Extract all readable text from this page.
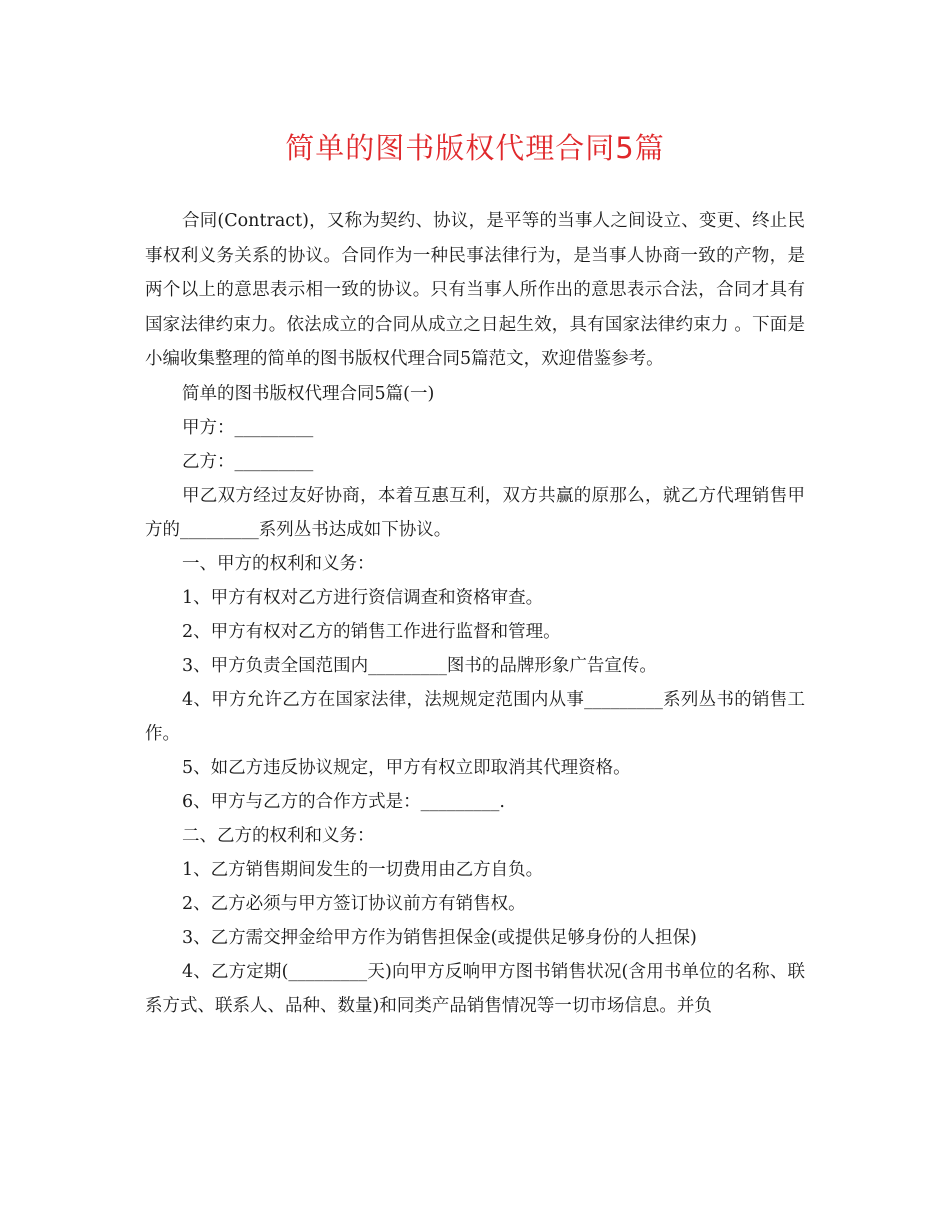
简单的图书版权代理合同5篇

合同(Contract)，又称为契约、协议，是平等的当事人之间设立、变更、终止民事权利义务关系的协议。合同作为一种民事法律行为，是当事人协商一致的产物，是两个以上的意思表示相一致的协议。只有当事人所作出的意思表示合法，合同才具有国家法律约束力。依法成立的合同从成立之日起生效，具有国家法律约束力 。下面是小编收集整理的简单的图书版权代理合同5篇范文，欢迎借鉴参考。

简单的图书版权代理合同5篇(一)

甲方：_________

乙方：_________

甲乙双方经过友好协商，本着互惠互利，双方共赢的原那么，就乙方代理销售甲方的_________系列丛书达成如下协议。

一、甲方的权利和义务：

1、甲方有权对乙方进行资信调查和资格审查。

2、甲方有权对乙方的销售工作进行监督和管理。

3、甲方负责全国范围内_________图书的品牌形象广告宣传。

4、甲方允许乙方在国家法律，法规规定范围内从事_________系列丛书的销售工作。

5、如乙方违反协议规定，甲方有权立即取消其代理资格。

6、甲方与乙方的合作方式是：_________.

二、乙方的权利和义务：

1、乙方销售期间发生的一切费用由乙方自负。

2、乙方必须与甲方签订协议前方有销售权。

3、乙方需交押金给甲方作为销售担保金(或提供足够身份的人担保)

4、乙方定期(_________天)向甲方反响甲方图书销售状况(含用书单位的名称、联系方式、联系人、品种、数量)和同类产品销售情况等一切市场信息。并负
